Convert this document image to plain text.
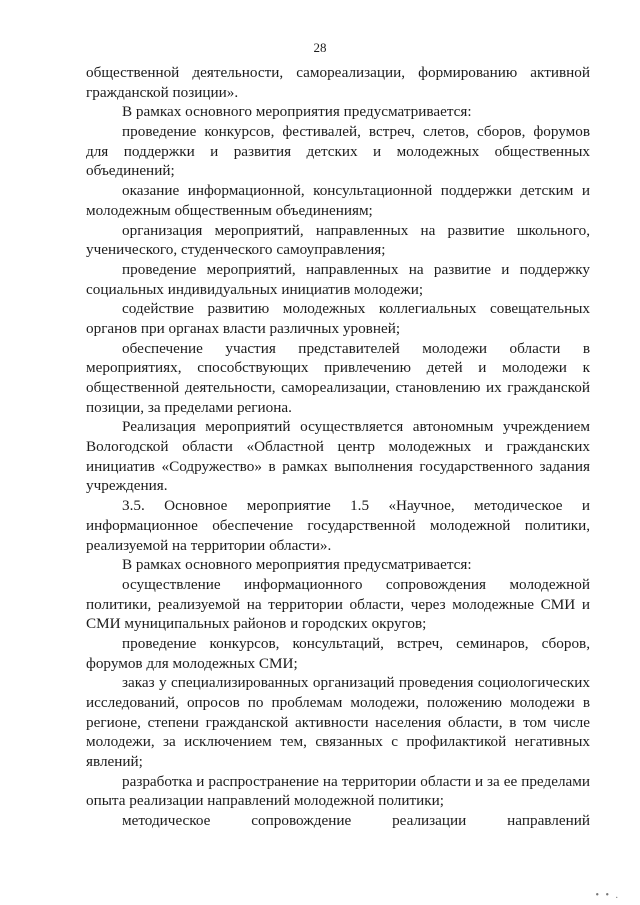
28
общественной деятельности, самореализации, формированию активной
гражданской позиции».
В рамках основного мероприятия предусматривается:
проведение конкурсов, фестивалей, встреч, слетов, сборов, форумов
для поддержки и развития детских и молодежных общественных
объединений;
оказание информационной, консультационной поддержки детским и
молодежным общественным объединениям;
организация мероприятий, направленных на развитие школьного,
ученического, студенческого самоуправления;
проведение мероприятий, направленных на развитие и поддержку
социальных индивидуальных инициатив молодежи;
содействие развитию молодежных коллегиальных совещательных
органов при органах власти различных уровней;
обеспечение участия представителей молодежи области в
мероприятиях, способствующих привлечению детей и молодежи к
общественной деятельности, самореализации, становлению их гражданской
позиции, за пределами региона.
Реализация мероприятий осуществляется автономным учреждением
Вологодской области «Областной центр молодежных и гражданских
инициатив «Содружество» в рамках выполнения государственного задания
учреждения.
3.5. Основное мероприятие 1.5 «Научное, методическое и
информационное обеспечение государственной молодежной политики,
реализуемой на территории области».
В рамках основного мероприятия предусматривается:
осуществление информационного сопровождения молодежной
политики, реализуемой на территории области, через молодежные СМИ и
СМИ муниципальных районов и городских округов;
проведение конкурсов, консультаций, встреч, семинаров, сборов,
форумов для молодежных СМИ;
заказ у специализированных организаций проведения социологических
исследований, опросов по проблемам молодежи, положению молодежи в
регионе, степени гражданской активности населения области, в том числе
молодежи, за исключением тем, связанных с профилактикой негативных
явлений;
разработка и распространение на территории области и за ее пределами
опыта реализации направлений молодежной политики;
методическое сопровождение реализации направлений
• • .
